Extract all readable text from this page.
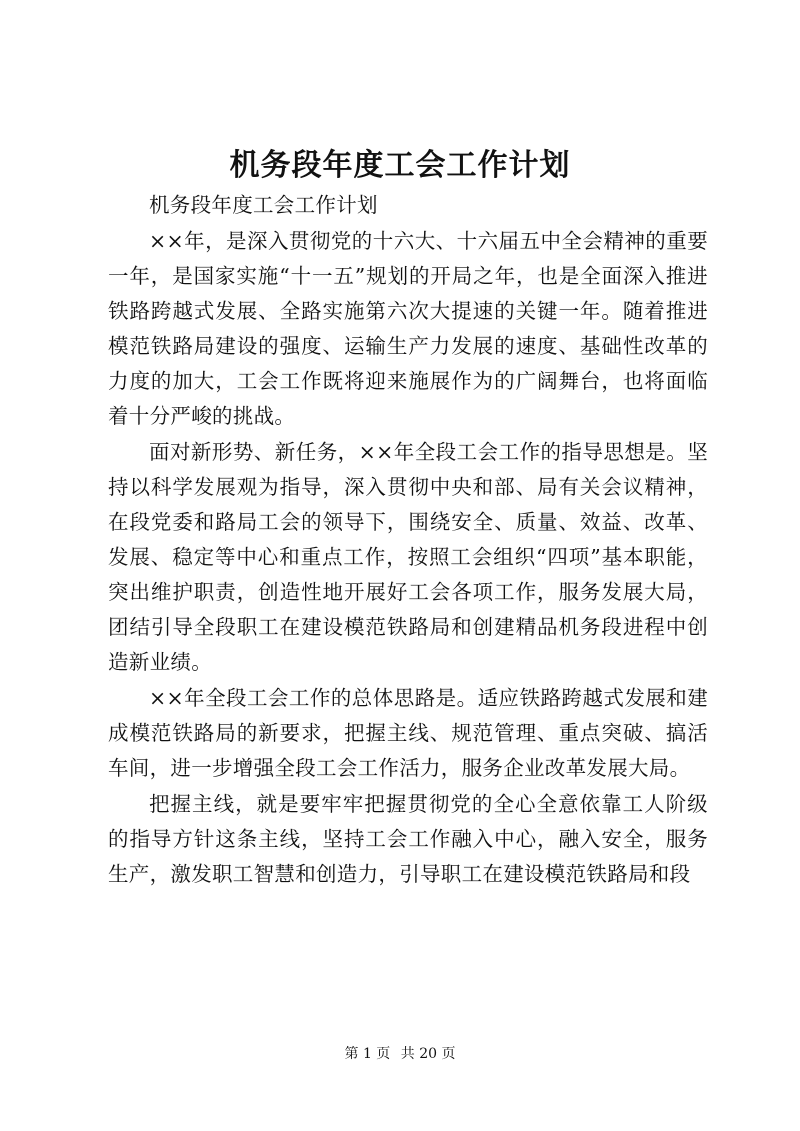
机务段年度工会工作计划

机务段年度工会工作计划

××年，是深入贯彻党的十六大、十六届五中全会精神的重要一年，是国家实施“十一五”规划的开局之年，也是全面深入推进铁路跨越式发展、全路实施第六次大提速的关键一年。随着推进模范铁路局建设的强度、运输生产力发展的速度、基础性改革的力度的加大，工会工作既将迎来施展作为的广阔舞台，也将面临着十分严峻的挑战。

面对新形势、新任务，××年全段工会工作的指导思想是。坚持以科学发展观为指导，深入贯彻中央和部、局有关会议精神，在段党委和路局工会的领导下，围绕安全、质量、效益、改革、发展、稳定等中心和重点工作，按照工会组织“四项”基本职能，突出维护职责，创造性地开展好工会各项工作，服务发展大局，团结引导全段职工在建设模范铁路局和创建精品机务段进程中创造新业绩。

××年全段工会工作的总体思路是。适应铁路跨越式发展和建成模范铁路局的新要求，把握主线、规范管理、重点突破、搞活车间，进一步增强全段工会工作活力，服务企业改革发展大局。

把握主线，就是要牢牢把握贯彻党的全心全意依靠工人阶级的指导方针这条主线，坚持工会工作融入中心，融入安全，服务生产，激发职工智慧和创造力，引导职工在建设模范铁路局和段

第 1 页 共 20 页
